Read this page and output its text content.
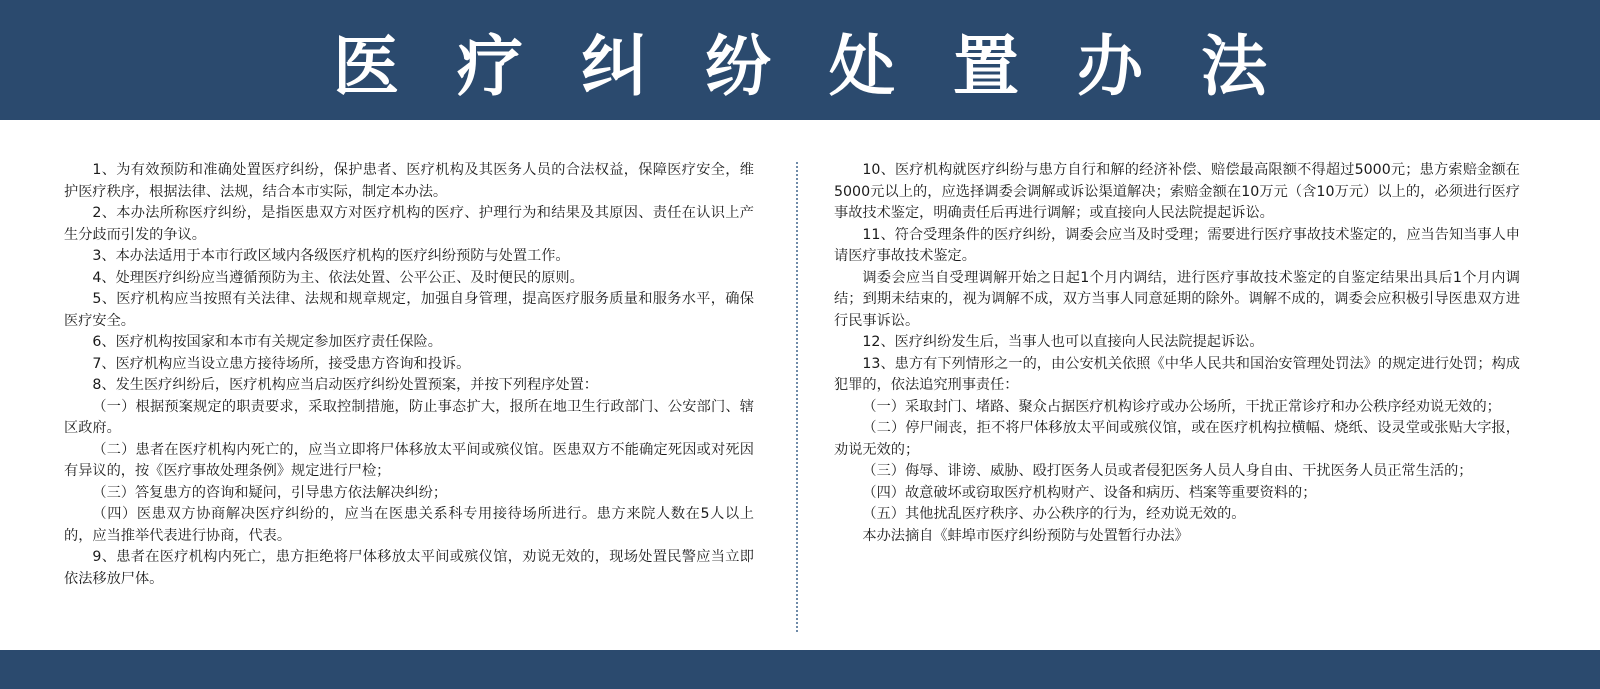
医疗纠纷处置办法

1、为有效预防和准确处置医疗纠纷，保护患者、医疗机构及其医务人员的合法权益，保障医疗安全，维护医疗秩序，根据法律、法规，结合本市实际，制定本办法。

2、本办法所称医疗纠纷，是指医患双方对医疗机构的医疗、护理行为和结果及其原因、责任在认识上产生分歧而引发的争议。

3、本办法适用于本市行政区域内各级医疗机构的医疗纠纷预防与处置工作。

4、处理医疗纠纷应当遵循预防为主、依法处置、公平公正、及时便民的原则。

5、医疗机构应当按照有关法律、法规和规章规定，加强自身管理，提高医疗服务质量和服务水平，确保医疗安全。

6、医疗机构按国家和本市有关规定参加医疗责任保险。

7、医疗机构应当设立患方接待场所，接受患方咨询和投诉。

8、发生医疗纠纷后，医疗机构应当启动医疗纠纷处置预案，并按下列程序处置：

（一）根据预案规定的职责要求，采取控制措施，防止事态扩大，报所在地卫生行政部门、公安部门、辖区政府。

（二）患者在医疗机构内死亡的，应当立即将尸体移放太平间或殡仪馆。医患双方不能确定死因或对死因有异议的，按《医疗事故处理条例》规定进行尸检；

（三）答复患方的咨询和疑问，引导患方依法解决纠纷；

（四）医患双方协商解决医疗纠纷的，应当在医患关系科专用接待场所进行。患方来院人数在5人以上的，应当推举代表进行协商，代表。

9、患者在医疗机构内死亡，患方拒绝将尸体移放太平间或殡仪馆，劝说无效的，现场处置民警应当立即依法移放尸体。

10、医疗机构就医疗纠纷与患方自行和解的经济补偿、赔偿最高限额不得超过5000元；患方索赔金额在5000元以上的，应选择调委会调解或诉讼渠道解决；索赔金额在10万元（含10万元）以上的，必须进行医疗事故技术鉴定，明确责任后再进行调解；或直接向人民法院提起诉讼。

11、符合受理条件的医疗纠纷，调委会应当及时受理；需要进行医疗事故技术鉴定的，应当告知当事人申请医疗事故技术鉴定。

调委会应当自受理调解开始之日起1个月内调结，进行医疗事故技术鉴定的自鉴定结果出具后1个月内调结；到期未结束的，视为调解不成，双方当事人同意延期的除外。调解不成的，调委会应积极引导医患双方进行民事诉讼。

12、医疗纠纷发生后，当事人也可以直接向人民法院提起诉讼。

13、患方有下列情形之一的，由公安机关依照《中华人民共和国治安管理处罚法》的规定进行处罚；构成犯罪的，依法追究刑事责任：

（一）采取封门、堵路、聚众占据医疗机构诊疗或办公场所，干扰正常诊疗和办公秩序经劝说无效的；

（二）停尸闹丧，拒不将尸体移放太平间或殡仪馆，或在医疗机构拉横幅、烧纸、设灵堂或张贴大字报，劝说无效的；

（三）侮辱、诽谤、威胁、殴打医务人员或者侵犯医务人员人身自由、干扰医务人员正常生活的；

（四）故意破坏或窃取医疗机构财产、设备和病历、档案等重要资料的；

（五）其他扰乱医疗秩序、办公秩序的行为，经劝说无效的。

本办法摘自《蚌埠市医疗纠纷预防与处置暂行办法》
